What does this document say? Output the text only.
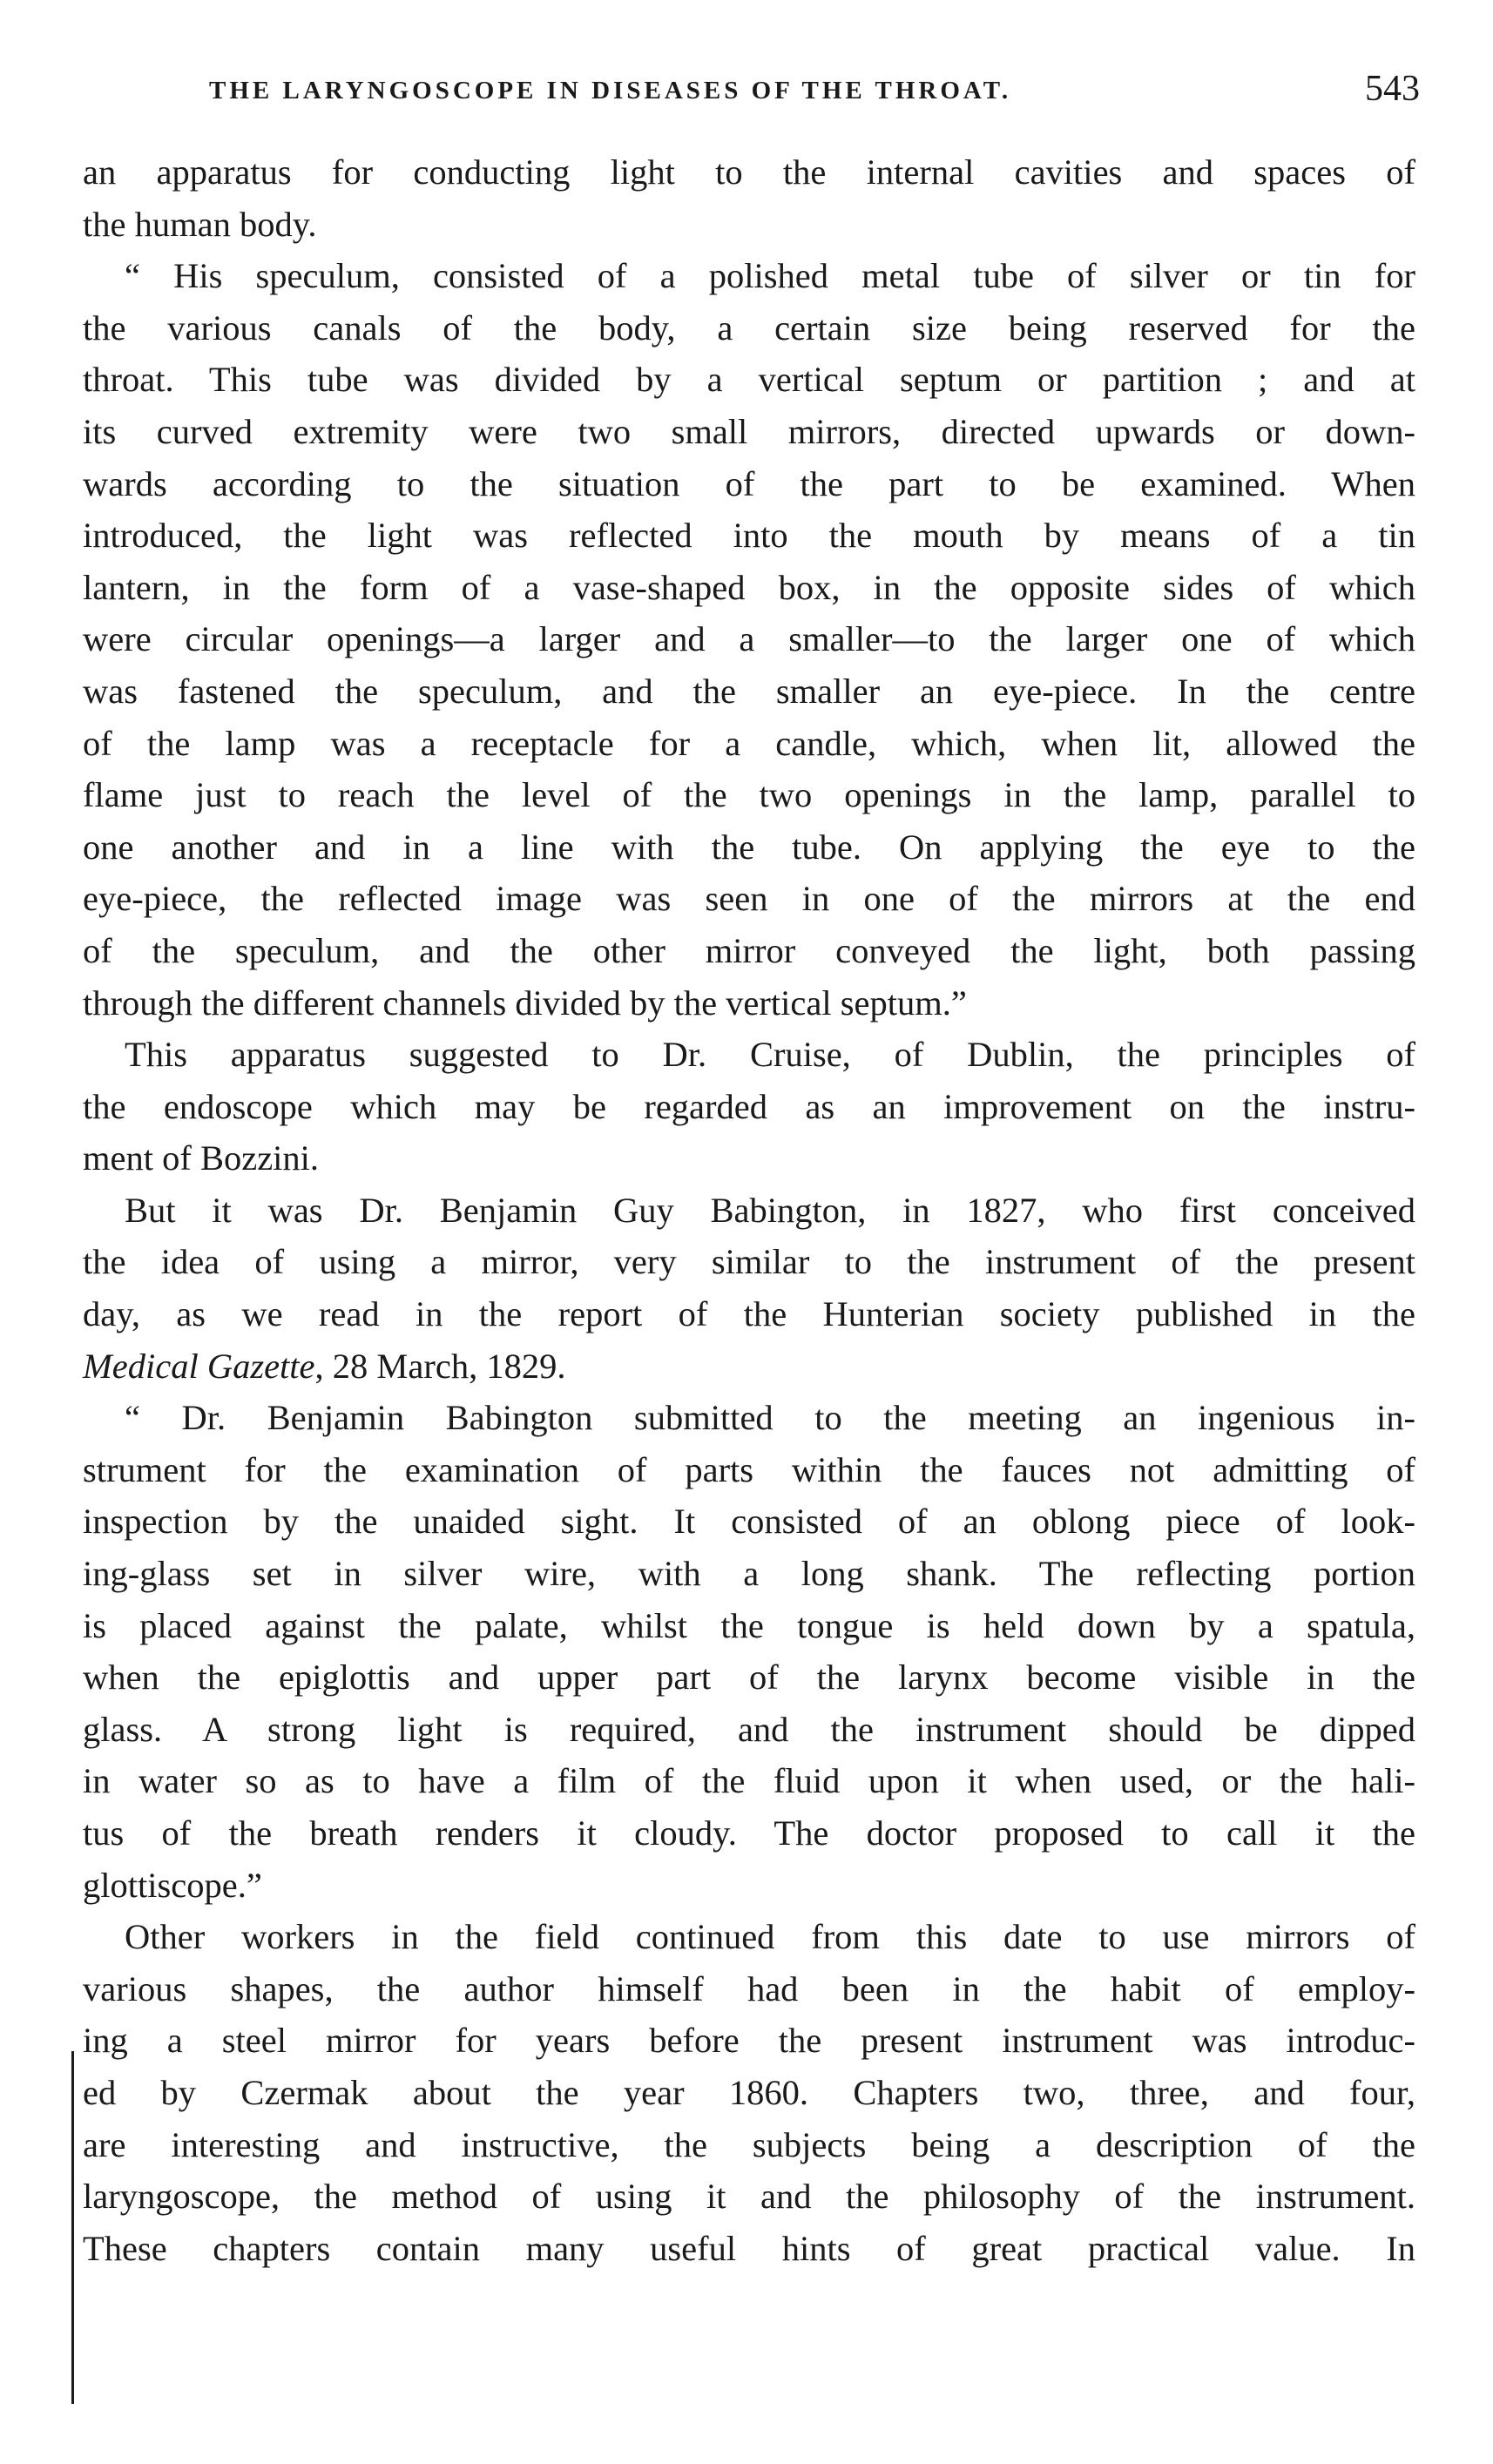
THE LARYNGOSCOPE IN DISEASES OF THE THROAT.	543
an apparatus for conducting light to the internal cavities and spaces of
the human body.
“ His speculum, consisted of a polished metal tube of silver or tin for
the various canals of the body, a certain size being reserved for the
throat. This tube was divided by a vertical septum or partition ; and at
its curved extremity were two small mirrors, directed upwards or down-
wards according to the situation of the part to be examined. When
introduced, the light was reflected into the mouth by means of a tin
lantern, in the form of a vase-shaped box, in the opposite sides of which
were circular openings—a larger and a smaller—to the larger one of which
was fastened the speculum, and the smaller an eye-piece. In the centre
of the lamp was a receptacle for a candle, which, when lit, allowed the
flame just to reach the level of the two openings in the lamp, parallel to
one another and in a line with the tube. On applying the eye to the
eye-piece, the reflected image was seen in one of the mirrors at the end
of the speculum, and the other mirror conveyed the light, both passing
through the different channels divided by the vertical septum.”
This apparatus suggested to Dr. Cruise, of Dublin, the principles of
the endoscope which may be regarded as an improvement on the instru-
ment of Bozzini.
But it was Dr. Benjamin Guy Babington, in 1827, who first conceived
the idea of using a mirror, very similar to the instrument of the present
day, as we read in the report of the Hunterian society published in the
Medical Gazette, 28 March, 1829.
“ Dr. Benjamin Babington submitted to the meeting an ingenious in-
strument for the examination of parts within the fauces not admitting of
inspection by the unaided sight. It consisted of an oblong piece of look-
ing-glass set in silver wire, with a long shank. The reflecting portion
is placed against the palate, whilst the tongue is held down by a spatula,
when the epiglottis and upper part of the larynx become visible in the
glass. A strong light is required, and the instrument should be dipped
in water so as to have a film of the fluid upon it when used, or the hali-
tus of the breath renders it cloudy. The doctor proposed to call it the
glottiscope.”
Other workers in the field continued from this date to use mirrors of
various shapes, the author himself had been in the habit of employ-
ing a steel mirror for years before the present instrument was introduc-
ed by Czermak about the year 1860. Chapters two, three, and four,
are interesting and instructive, the subjects being a description of the
laryngoscope, the method of using it and the philosophy of the instrument.
These chapters contain many useful hints of great practical value. In
